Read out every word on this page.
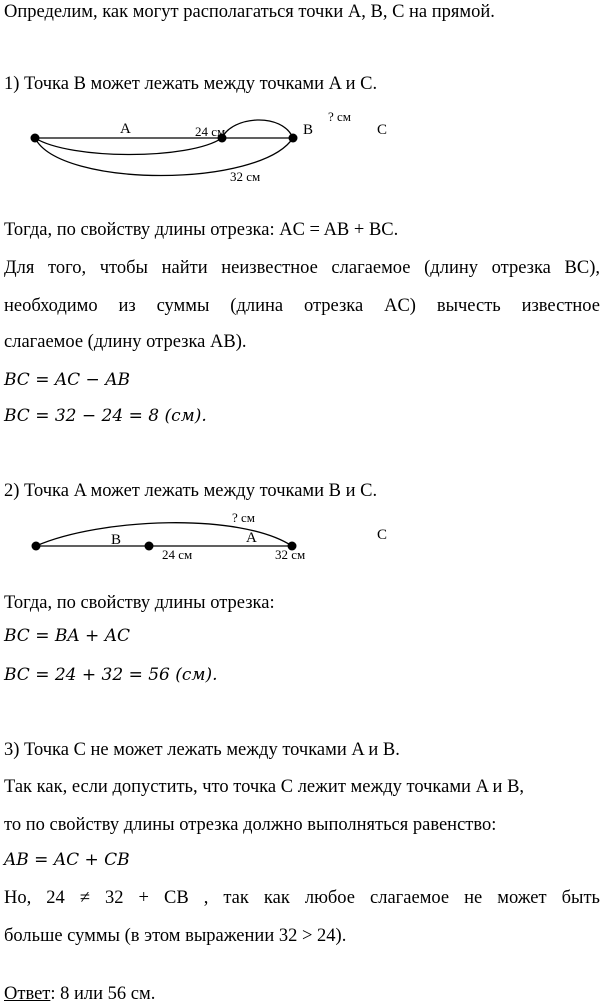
Определим, как могут располагаться точки A, B, C на прямой.
1) Точка B может лежать между точками A и C.
A	24 см	B
? см
C
32 см
Тогда, по свойству длины отрезка: AC = AB + BC.
Для того, чтобы найти неизвестное слагаемое (длину отрезка BC),
необходимо из суммы (длина отрезка AC) вычесть известное
слагаемое (длину отрезка AB).
BC = AC − AB
BC = 32 − 24 = 8 (см).
2) Точка A может лежать между точками B и C.
? см
B	A
24 см	32 см
C
Тогда, по свойству длины отрезка:
BC = BA + AC
BC = 24 + 32 = 56 (см).
3) Точка C не может лежать между точками A и B.
Так как, если допустить, что точка C лежит между точками A и B,
то по свойству длины отрезка должно выполняться равенство:
AB = AC + CB
Но, 24 ≠ 32 + CB , так как любое слагаемое не может быть
больше суммы (в этом выражении 32 > 24).
Ответ: 8 или 56 см.
